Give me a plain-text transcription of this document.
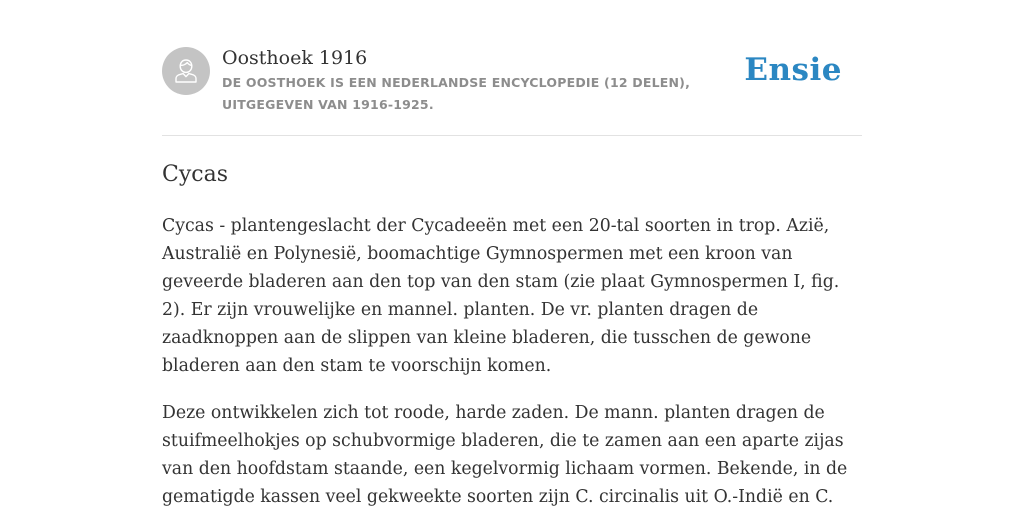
Oosthoek 1916
DE OOSTHOEK IS EEN NEDERLANDSE ENCYCLOPEDIE (12 DELEN), UITGEGEVEN VAN 1916-1925.
Ensie
Cycas

Cycas - plantengeslacht der Cycadeeën met een 20-tal soorten in trop. Azië, Australië en Polynesië, boomachtige Gymnospermen met een kroon van geveerde bladeren aan den top van den stam (zie plaat Gymnospermen I, fig. 2). Er zijn vrouwelijke en mannel. planten. De vr. planten dragen de zaadknoppen aan de slippen van kleine bladeren, die tusschen de gewone bladeren aan den stam te voorschijn komen.

Deze ontwikkelen zich tot roode, harde zaden. De mann. planten dragen de stuifmeelhokjes op schubvormige bladeren, die te zamen aan een aparte zijas van den hoofdstam staande, een kegelvormig lichaam vormen. Bekende, in de gematigde kassen veel gekweekte soorten zijn C. circinalis uit O.-Indië en C.
